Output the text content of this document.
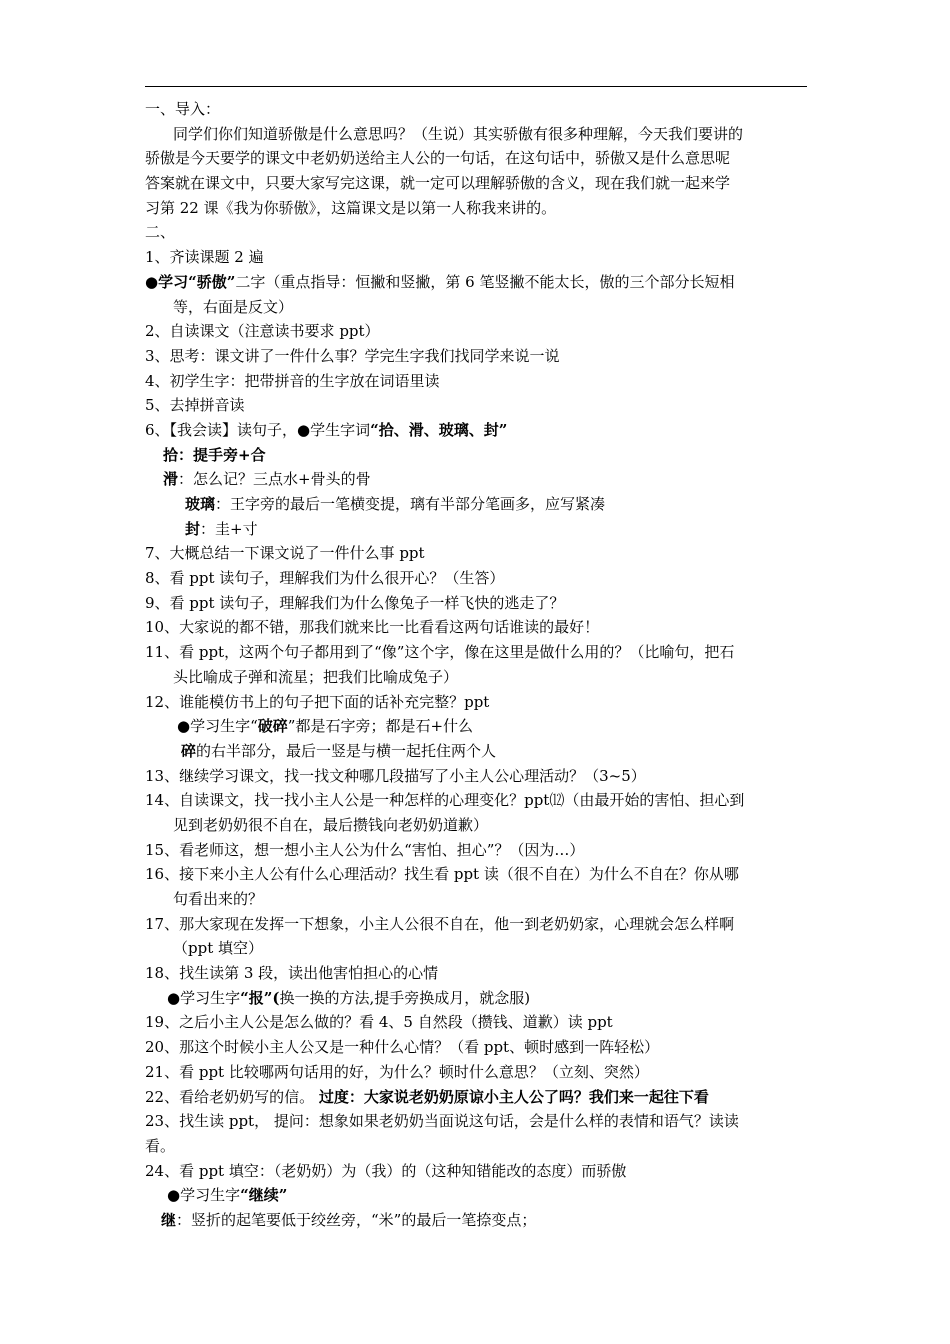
一、导入：
同学们你们知道骄傲是什么意思吗？（生说）其实骄傲有很多种理解，今天我们要讲的
骄傲是今天要学的课文中老奶奶送给主人公的一句话，在这句话中，骄傲又是什么意思呢
答案就在课文中，只要大家写完这课，就一定可以理解骄傲的含义，现在我们就一起来学
习第 22 课《我为你骄傲》，这篇课文是以第一人称我来讲的。
二、
1、齐读课题 2 遍
●学习“骄傲”二字（重点指导：恒撇和竖撇，第 6 笔竖撇不能太长，傲的三个部分长短相
等，右面是反文）
2、自读课文（注意读书要求 ppt）
3、思考：课文讲了一件什么事？学完生字我们找同学来说一说
4、初学生字：把带拼音的生字放在词语里读
5、去掉拼音读
6、【我会读】读句子，●学生字词“拾、滑、玻璃、封”
拾：提手旁+合
滑：怎么记？三点水+骨头的骨
玻璃：王字旁的最后一笔横变提，璃有半部分笔画多，应写紧凑
封：圭+寸
7、大概总结一下课文说了一件什么事 ppt
8、看 ppt 读句子，理解我们为什么很开心？（生答）
9、看 ppt 读句子，理解我们为什么像兔子一样飞快的逃走了？
10、大家说的都不错，那我们就来比一比看看这两句话谁读的最好！
11、看 ppt，这两个句子都用到了“像”这个字，像在这里是做什么用的？（比喻句，把石
头比喻成子弹和流星；把我们比喻成兔子）
12、谁能模仿书上的句子把下面的话补充完整？ppt
●学习生字“破碎”都是石字旁；都是石+什么
碎的右半部分，最后一竖是与横一起托住两个人
13、继续学习课文，找一找文种哪几段描写了小主人公心理活动？（3~5）
14、自读课文，找一找小主人公是一种怎样的心理变化？ppt⑿（由最开始的害怕、担心到
见到老奶奶很不自在，最后攒钱向老奶奶道歉）
15、看老师这，想一想小主人公为什么“害怕、担心”？（因为…）
16、接下来小主人公有什么心理活动？找生看 ppt 读（很不自在）为什么不自在？你从哪
句看出来的？
17、那大家现在发挥一下想象，小主人公很不自在，他一到老奶奶家，心理就会怎么样啊
（ppt 填空）
18、找生读第 3 段，读出他害怕担心的心情
●学习生字“报”(换一换的方法,提手旁换成月，就念服)
19、之后小主人公是怎么做的？看 4、5 自然段（攒钱、道歉）读 ppt
20、那这个时候小主人公又是一种什么心情？（看 ppt、顿时感到一阵轻松）
21、看 ppt 比较哪两句话用的好，为什么？顿时什么意思？（立刻、突然）
22、看给老奶奶写的信。 过度：大家说老奶奶原谅小主人公了吗？我们来一起往下看
23、找生读 ppt， 提问：想象如果老奶奶当面说这句话，会是什么样的表情和语气？读读
看。
24、看 ppt 填空：（老奶奶）为（我）的（这种知错能改的态度）而骄傲
●学习生字“继续”
继：竖折的起笔要低于绞丝旁，“米”的最后一笔捺变点；
